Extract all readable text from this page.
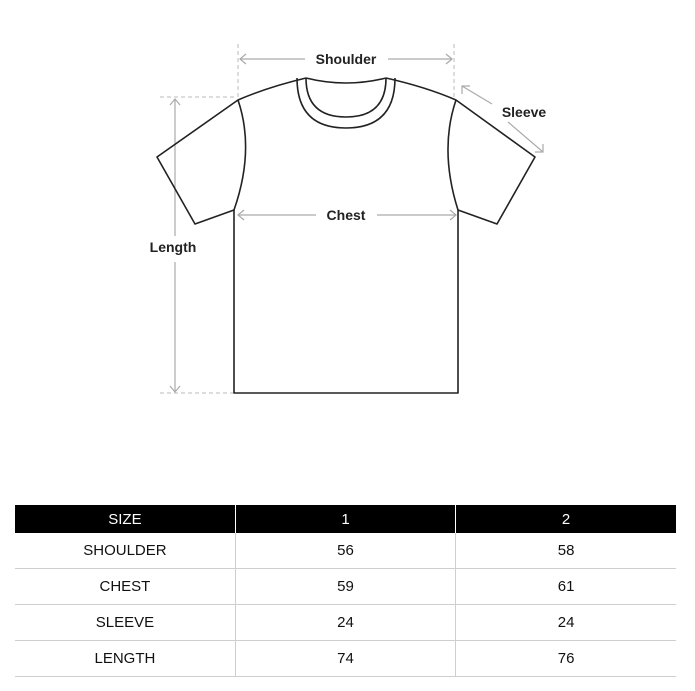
Shoulder
Chest
Length
Sleeve
SIZE	1	2
SHOULDER	56	58
CHEST	59	61
SLEEVE	24	24
LENGTH	74	76
